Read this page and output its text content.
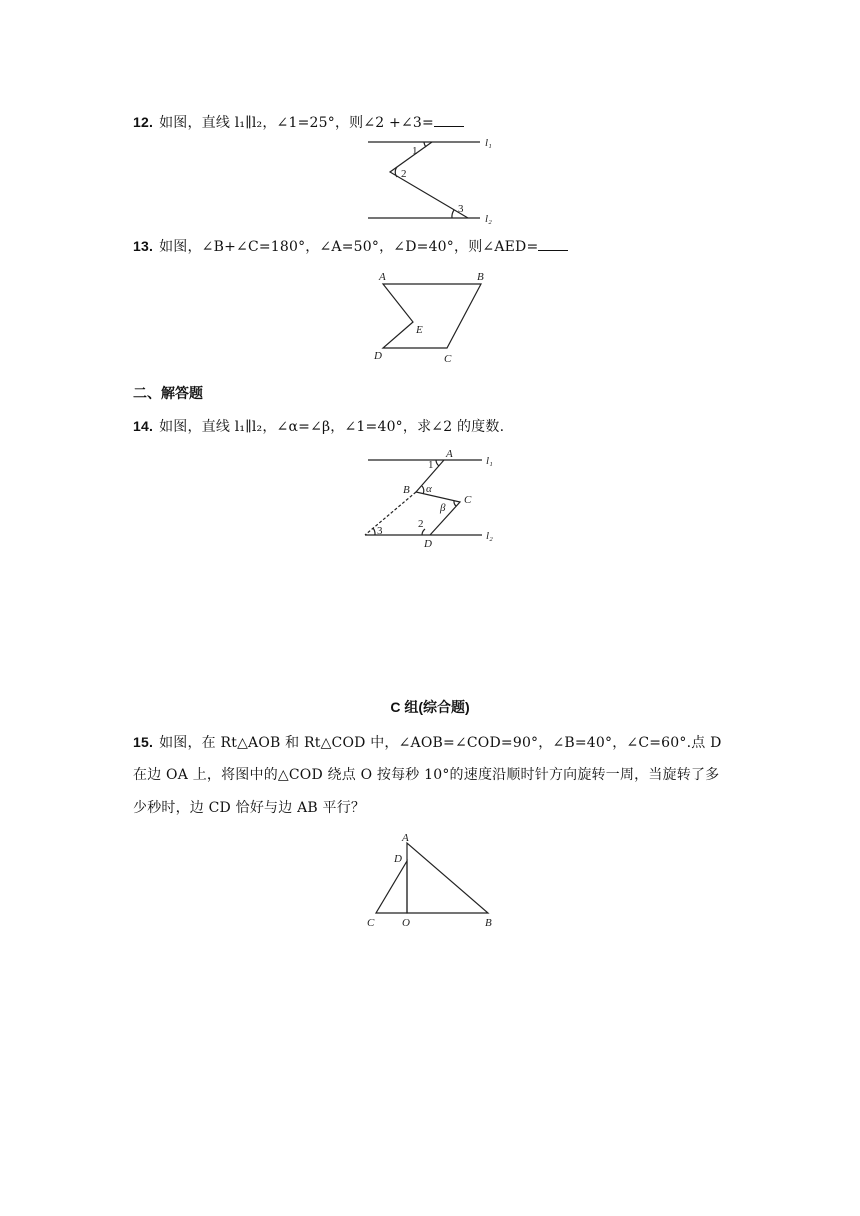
12. 如图，直线 l₁∥l₂，∠1=25°，则∠2 +∠3=
1
2
3
l₁
l₂
13. 如图，∠B+∠C=180°，∠A=50°，∠D=40°，则∠AED=
A	B
C
D
E
二、解答题
14. 如图，直线 l₁∥l₂，∠α=∠β，∠1=40°，求∠2 的度数.
A
B
C
D
α
β
1
2
3
l₁
l₂
C 组(综合题)
15. 如图，在 Rt△AOB 和 Rt△COD 中，∠AOB=∠COD=90°，∠B=40°，∠C=60°.点 D
在边 OA 上，将图中的△COD 绕点 O 按每秒 10°的速度沿顺时针方向旋转一周，当旋转了多
少秒时，边 CD 恰好与边 AB 平行？
A
D
C	O	B
